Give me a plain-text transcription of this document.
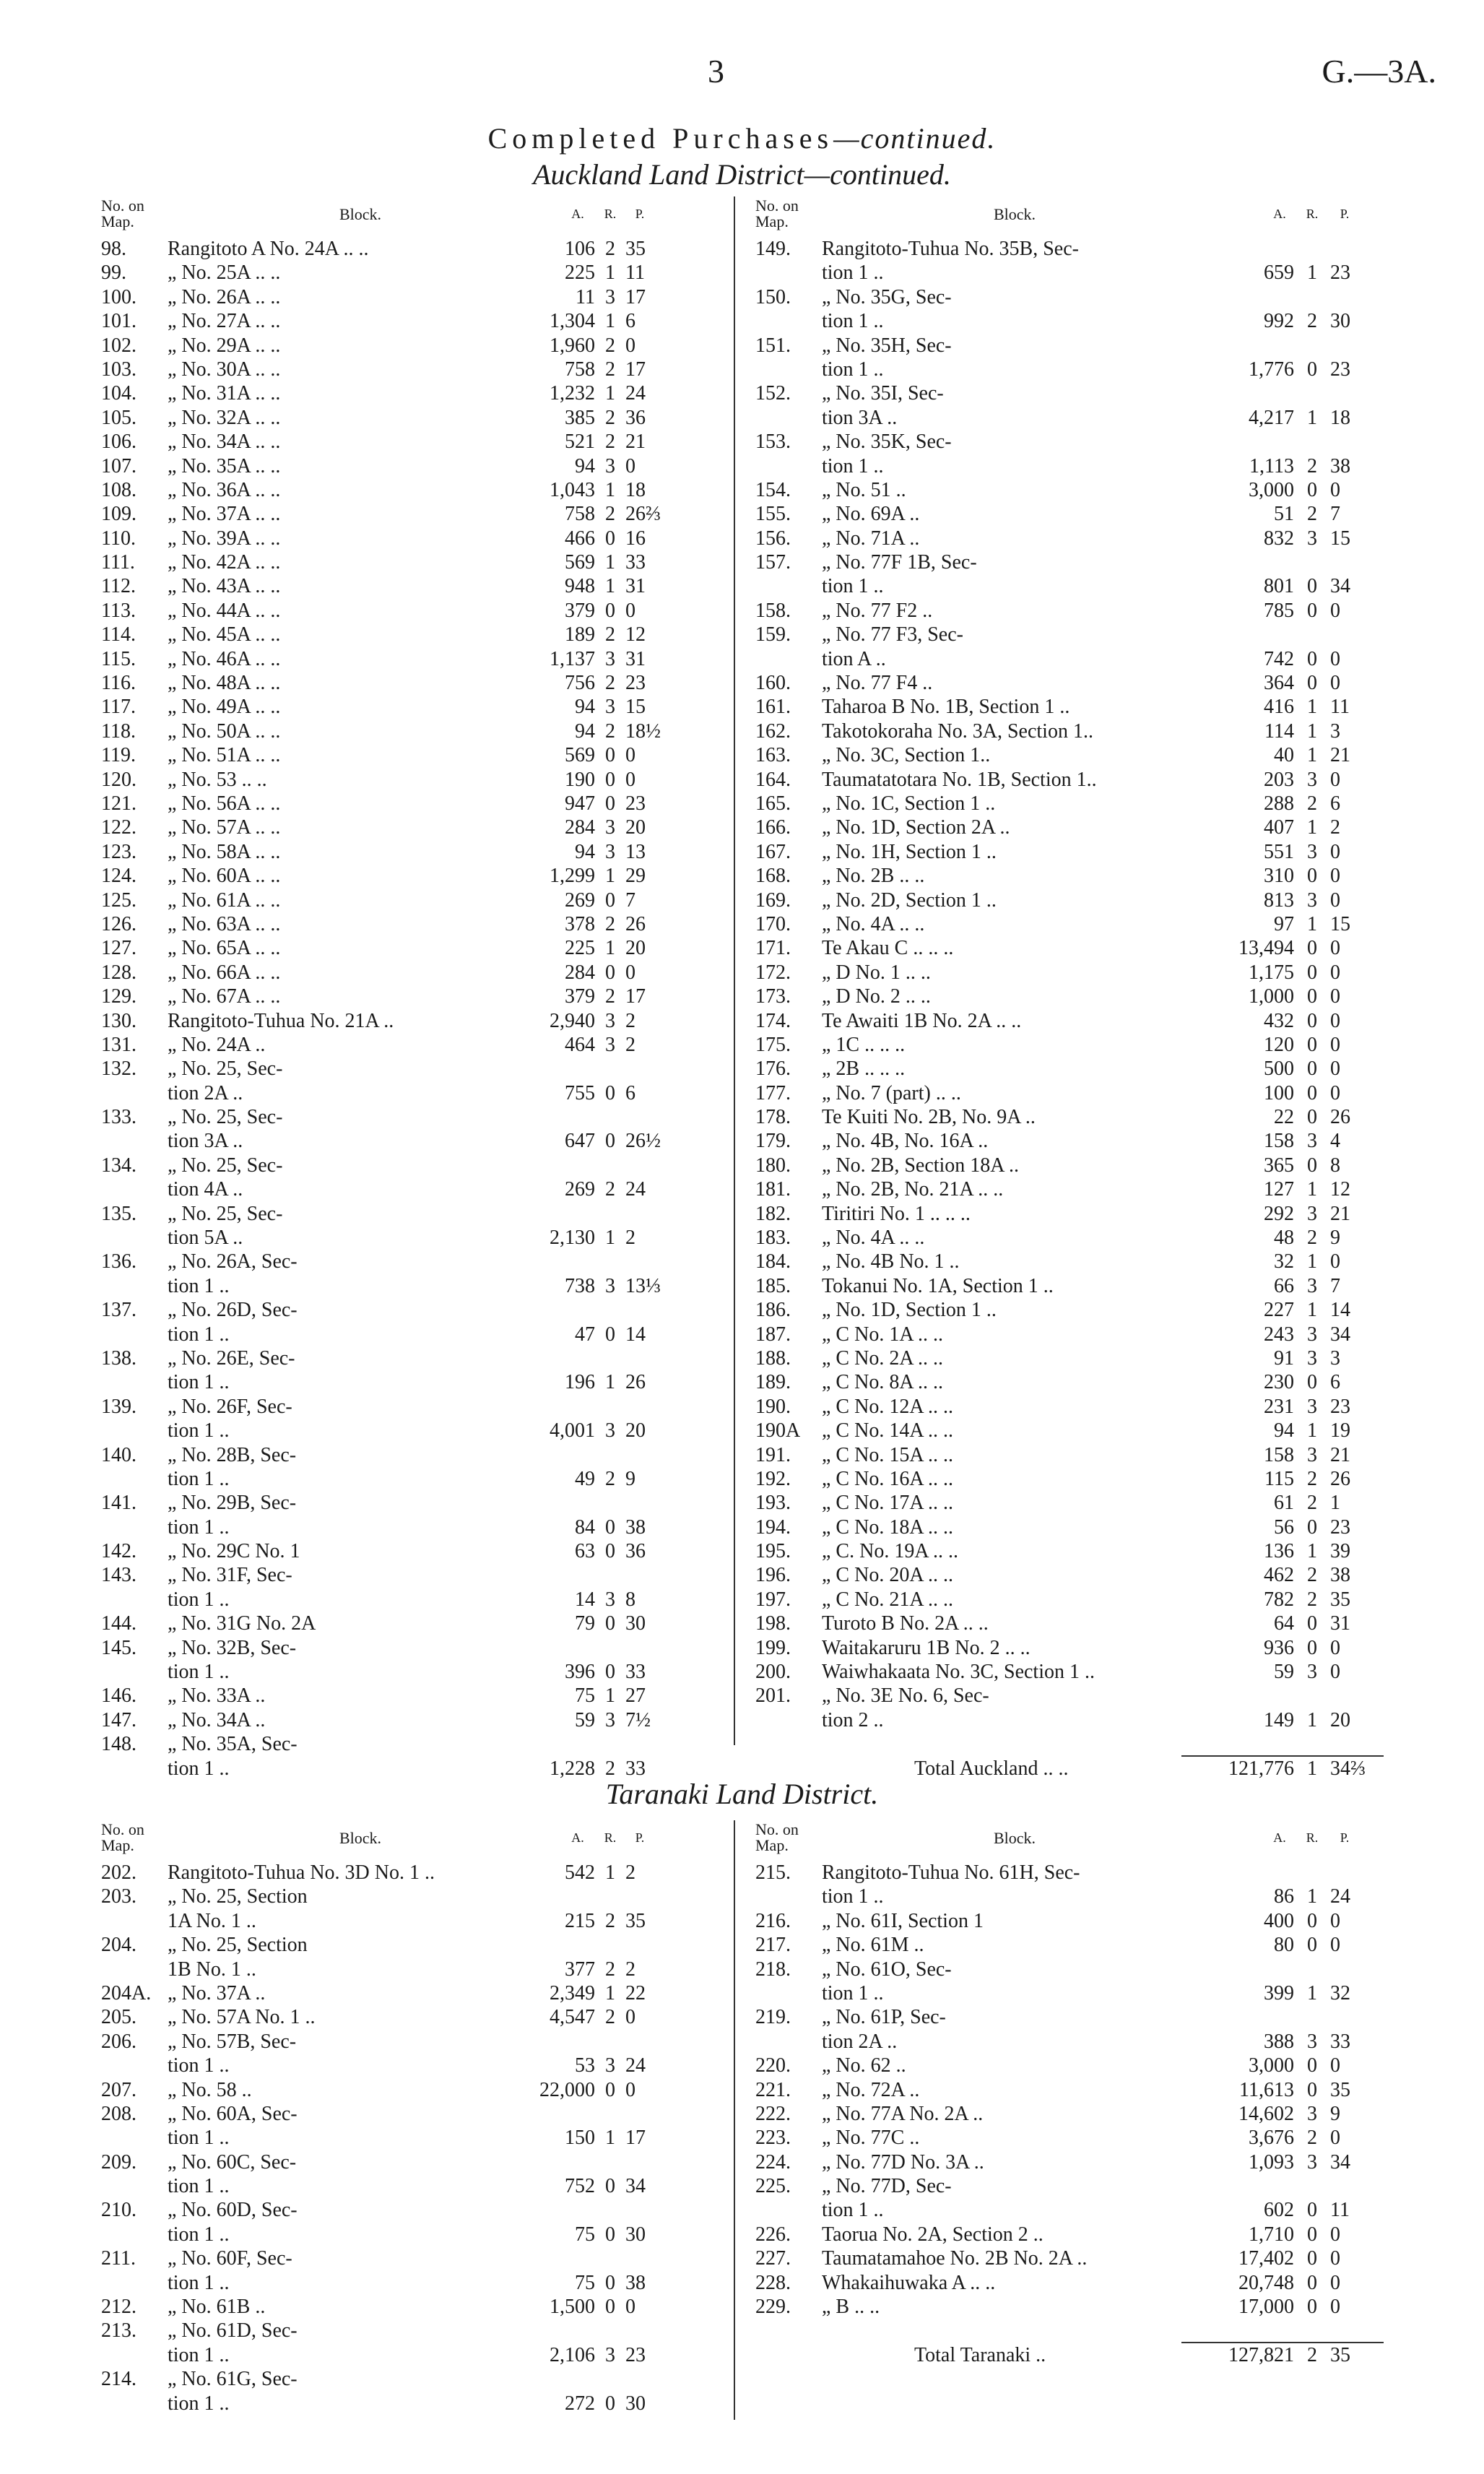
3	G.—3A.
Completed Purchases—continued.
Auckland Land District—continued.
No. on
Map.	Block.	A.	R.	P.
98.	Rangitoto A No. 24A .. ..	106 2 35
99.	„ No. 25A .. ..	225 1 11
100.	„ No. 26A .. ..	11 3 17
101.	„ No. 27A .. ..	1,304 1 6
102.	„ No. 29A .. ..	1,960 2 0
103.	„ No. 30A .. ..	758 2 17
104.	„ No. 31A .. ..	1,232 1 24
105.	„ No. 32A .. ..	385 2 36
106.	„ No. 34A .. ..	521 2 21
107.	„ No. 35A .. ..	94 3 0
108.	„ No. 36A .. ..	1,043 1 18
109.	„ No. 37A .. ..	758 2 26⅔
110.	„ No. 39A .. ..	466 0 16
111.	„ No. 42A .. ..	569 1 33
112.	„ No. 43A .. ..	948 1 31
113.	„ No. 44A .. ..	379 0 0
114.	„ No. 45A .. ..	189 2 12
115.	„ No. 46A .. ..	1,137 3 31
116.	„ No. 48A .. ..	756 2 23
117.	„ No. 49A .. ..	94 3 15
118.	„ No. 50A .. ..	94 2 18½
119.	„ No. 51A .. ..	569 0 0
120.	„ No. 53 .. ..	190 0 0
121.	„ No. 56A .. ..	947 0 23
122.	„ No. 57A .. ..	284 3 20
123.	„ No. 58A .. ..	94 3 13
124.	„ No. 60A .. ..	1,299 1 29
125.	„ No. 61A .. ..	269 0 7
126.	„ No. 63A .. ..	378 2 26
127.	„ No. 65A .. ..	225 1 20
128.	„ No. 66A .. ..	284 0 0
129.	„ No. 67A .. ..	379 2 17
130.	Rangitoto-Tuhua No. 21A ..	2,940 3 2
131.	„ No. 24A ..	464 3 2
132.	„ No. 25, Sec-
tion 2A ..	755 0 6
133.	„ No. 25, Sec-
tion 3A ..	647 0 26½
134.	„ No. 25, Sec-
tion 4A ..	269 2 24
135.	„ No. 25, Sec-
tion 5A ..	2,130 1 2
136.	„ No. 26A, Sec-
tion 1 ..	738 3 13⅓
137.	„ No. 26D, Sec-
tion 1 ..	47 0 14
138.	„ No. 26E, Sec-
tion 1 ..	196 1 26
139.	„ No. 26F, Sec-
tion 1 ..	4,001 3 20
140.	„ No. 28B, Sec-
tion 1 ..	49 2 9
141.	„ No. 29B, Sec-
tion 1 ..	84 0 38
142.	„ No. 29C No. 1	63 0 36
143.	„ No. 31F, Sec-
tion 1 ..	14 3 8
144.	„ No. 31G No. 2A	79 0 30
145.	„ No. 32B, Sec-
tion 1 ..	396 0 33
146.	„ No. 33A ..	75 1 27
147.	„ No. 34A ..	59 3 7½
148.	„ No. 35A, Sec-
tion 1 ..	1,228 2 33
No. on
Map.	Block.	A.	R.	P.
149.	Rangitoto-Tuhua No. 35B, Sec-
tion 1 ..	659 1 23
150.	„ No. 35G, Sec-
tion 1 ..	992 2 30
151.	„ No. 35H, Sec-
tion 1 ..	1,776 0 23
152.	„ No. 35I, Sec-
tion 3A ..	4,217 1 18
153.	„ No. 35K, Sec-
tion 1 ..	1,113 2 38
154.	„ No. 51 ..	3,000 0 0
155.	„ No. 69A ..	51 2 7
156.	„ No. 71A ..	832 3 15
157.	„ No. 77F 1B, Sec-
tion 1 ..	801 0 34
158.	„ No. 77 F2 ..	785 0 0
159.	„ No. 77 F3, Sec-
tion A ..	742 0 0
160.	„ No. 77 F4 ..	364 0 0
161.	Taharoa B No. 1B, Section 1 ..	416 1 11
162.	Takotokoraha No. 3A, Section 1..	114 1 3
163.	„ No. 3C, Section 1..	40 1 21
164.	Taumatatotara No. 1B, Section 1..	203 3 0
165.	„ No. 1C, Section 1 ..	288 2 6
166.	„ No. 1D, Section 2A ..	407 1 2
167.	„ No. 1H, Section 1 ..	551 3 0
168.	„ No. 2B .. ..	310 0 0
169.	„ No. 2D, Section 1 ..	813 3 0
170.	„ No. 4A .. ..	97 1 15
171.	Te Akau C .. .. ..	13,494 0 0
172.	„ D No. 1 .. ..	1,175 0 0
173.	„ D No. 2 .. ..	1,000 0 0
174.	Te Awaiti 1B No. 2A .. ..	432 0 0
175.	„ 1C .. .. ..	120 0 0
176.	„ 2B .. .. ..	500 0 0
177.	„ No. 7 (part) .. ..	100 0 0
178.	Te Kuiti No. 2B, No. 9A ..	22 0 26
179.	„ No. 4B, No. 16A ..	158 3 4
180.	„ No. 2B, Section 18A ..	365 0 8
181.	„ No. 2B, No. 21A .. ..	127 1 12
182.	Tiritiri No. 1 .. .. ..	292 3 21
183.	„ No. 4A .. ..	48 2 9
184.	„ No. 4B No. 1 ..	32 1 0
185.	Tokanui No. 1A, Section 1 ..	66 3 7
186.	„ No. 1D, Section 1 ..	227 1 14
187.	„ C No. 1A .. ..	243 3 34
188.	„ C No. 2A .. ..	91 3 3
189.	„ C No. 8A .. ..	230 0 6
190.	„ C No. 12A .. ..	231 3 23
190A	„ C No. 14A .. ..	94 1 19
191.	„ C No. 15A .. ..	158 3 21
192.	„ C No. 16A .. ..	115 2 26
193.	„ C No. 17A .. ..	61 2 1
194.	„ C No. 18A .. ..	56 0 23
195.	„ C. No. 19A .. ..	136 1 39
196.	„ C No. 20A .. ..	462 2 38
197.	„ C No. 21A .. ..	782 2 35
198.	Turoto B No. 2A .. ..	64 0 31
199.	Waitakaruru 1B No. 2 .. ..	936 0 0
200.	Waiwhakaata No. 3C, Section 1 ..	59 3 0
201.	„ No. 3E No. 6, Sec-
tion 2 ..	149 1 20
Total Auckland .. ..	121,776 1 34⅔
Taranaki Land District.
No. on
Map.	Block.	A.	R.	P.
202.	Rangitoto-Tuhua No. 3D No. 1 ..	542 1 2
203.	„ No. 25, Section
1A No. 1 ..	215 2 35
204.	„ No. 25, Section
1B No. 1 ..	377 2 2
204A. „ No. 37A ..	2,349 1 22
205.	„ No. 57A No. 1 ..	4,547 2 0
206.	„ No. 57B, Sec-
tion 1 ..	53 3 24
207.	„ No. 58 ..	22,000 0 0
208.	„ No. 60A, Sec-
tion 1 ..	150 1 17
209.	„ No. 60C, Sec-
tion 1 ..	752 0 34
210.	„ No. 60D, Sec-
tion 1 ..	75 0 30
211.	„ No. 60F, Sec-
tion 1 ..	75 0 38
212.	„ No. 61B ..	1,500 0 0
213.	„ No. 61D, Sec-
tion 1 ..	2,106 3 23
214.	„ No. 61G, Sec-
tion 1 ..	272 0 30
No. on
Map.	Block.	A.	R.	P.
215.	Rangitoto-Tuhua No. 61H, Sec-
tion 1 ..	86 1 24
216.	„ No. 61I, Section 1	400 0 0
217.	„ No. 61M ..	80 0 0
218.	„ No. 61O, Sec-
tion 1 ..	399 1 32
219.	„ No. 61P, Sec-
tion 2A ..	388 3 33
220.	„ No. 62 ..	3,000 0 0
221.	„ No. 72A ..	11,613 0 35
222.	„ No. 77A No. 2A ..	14,602 3 9
223.	„ No. 77C ..	3,676 2 0
224.	„ No. 77D No. 3A ..	1,093 3 34
225.	„ No. 77D, Sec-
tion 1 ..	602 0 11
226.	Taorua No. 2A, Section 2 ..	1,710 0 0
227.	Taumatamahoe No. 2B No. 2A ..	17,402 0 0
228.	Whakaihuwaka A .. ..	20,748 0 0
229.	„ B .. ..	17,000 0 0
Total Taranaki ..	127,821 2 35
